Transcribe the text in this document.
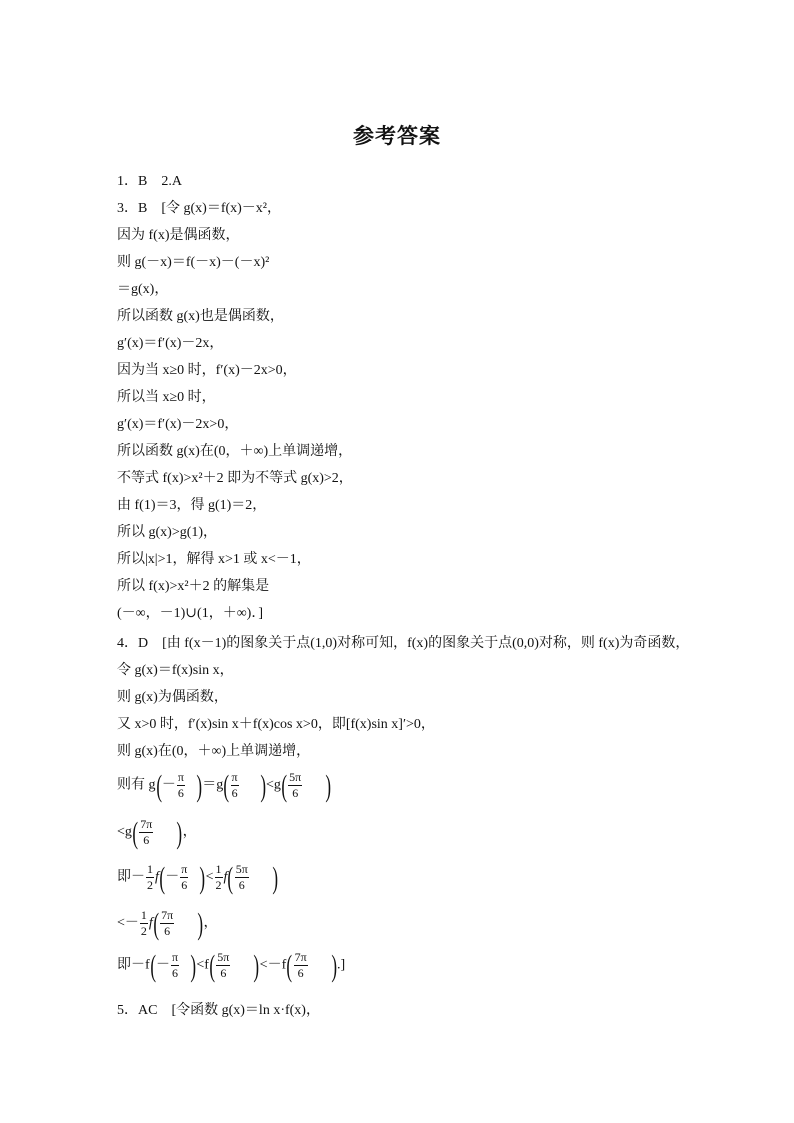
参考答案
1．B　2.A
3．B　[令 g(x)＝f(x)－x²，
因为 f(x)是偶函数，
则 g(－x)＝f(－x)－(－x)²
＝g(x)，
所以函数 g(x)也是偶函数，
g′(x)＝f′(x)－2x，
因为当 x≥0 时，f′(x)－2x>0，
所以当 x≥0 时，
g′(x)＝f′(x)－2x>0，
所以函数 g(x)在(0，＋∞)上单调递增，
不等式 f(x)>x²＋2 即为不等式 g(x)>2，
由 f(1)＝3，得 g(1)＝2，
所以 g(x)>g(1)，
所以|x|>1，解得 x>1 或 x<－1，
所以 f(x)>x²＋2 的解集是
(－∞，－1)∪(1，＋∞)．]
4．D　[由 f(x－1)的图象关于点(1,0)对称可知，f(x)的图象关于点(0,0)对称，则 f(x)为奇函数，
令 g(x)＝f(x)sin x，
则 g(x)为偶函数，
又 x>0 时，f′(x)sin x＋f(x)cos x>0，即[f(x)sin x]′>0，
则 g(x)在(0，＋∞)上单调递增，
则有 $g(- \frac{\pi}{6} )=g( \frac{\pi}{6} )<g( \frac{5\pi}{6}$ )
$<g( \frac{7\pi}{6}$ )，
即－ $\frac{1}{2} f(- \frac{\pi}{6}$ )< $\frac{1}{2} f( \frac{5\pi}{6}$ )
<－ $\frac{1}{2} f( \frac{7\pi}{6}$ )，
即$-f(- \frac{\pi}{6} )<f( \frac{5\pi}{6} )<-f( \frac{7\pi}{6}$ ).]
5．AC　[令函数 g(x)＝ln x·f(x)，
